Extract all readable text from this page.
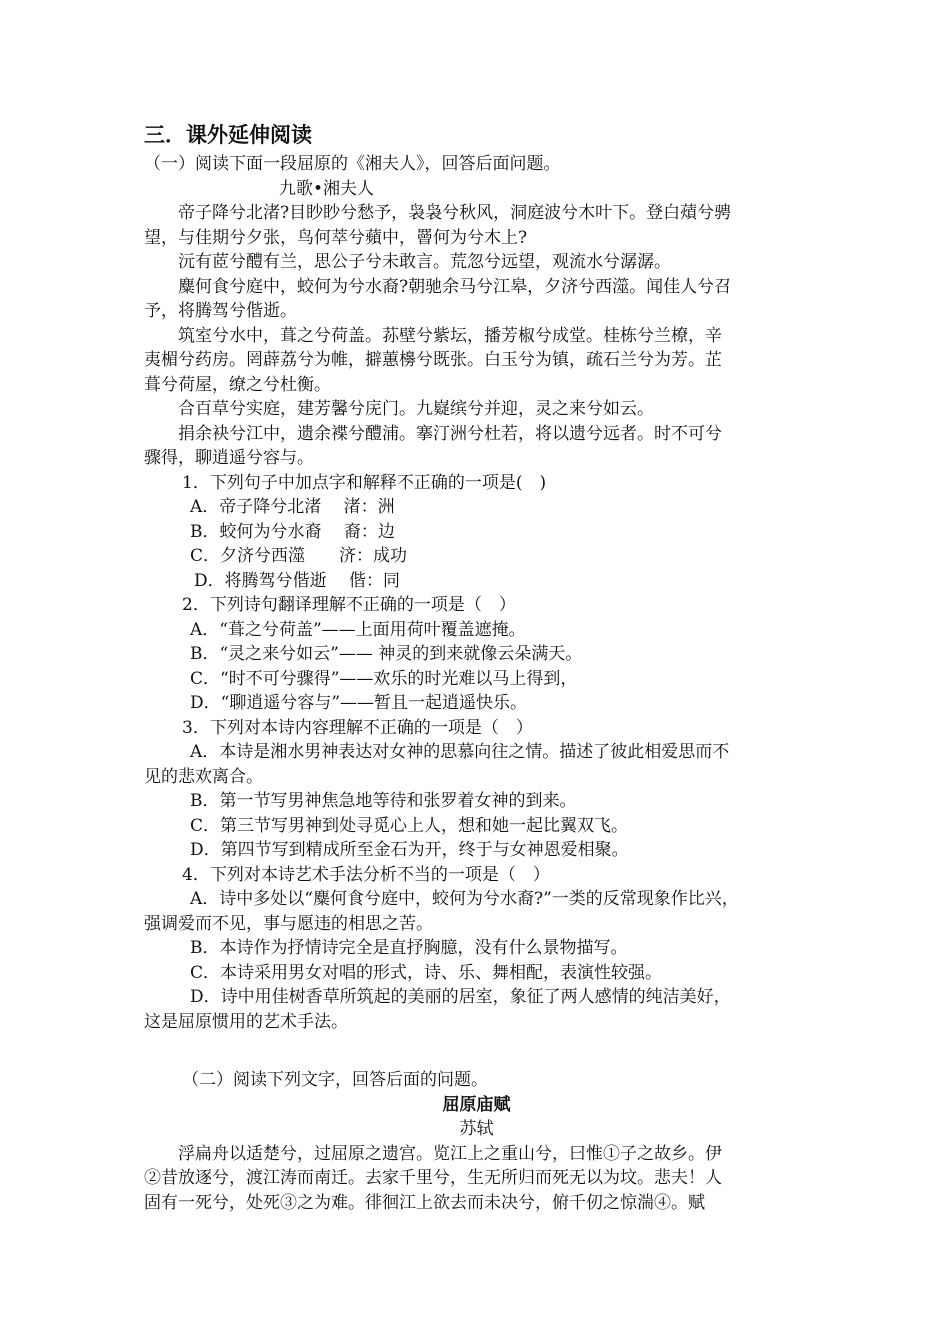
三．课外延伸阅读
（一）阅读下面一段屈原的《湘夫人》，回答后面问题。
九歌•湘夫人
帝子降兮北渚?目眇眇兮愁予，袅袅兮秋风，洞庭波兮木叶下。登白薠兮骋
望，与佳期兮夕张，鸟何萃兮蘋中，罾何为兮木上?
沅有茝兮醴有兰，思公子兮未敢言。荒忽兮远望，观流水兮潺潺。
麋何食兮庭中，蛟何为兮水裔?朝驰余马兮江皋，夕济兮西澨。闻佳人兮召
予，将腾驾兮偕逝。
筑室兮水中，葺之兮荷盖。荪壁兮紫坛，播芳椒兮成堂。桂栋兮兰橑，辛
夷楣兮药房。罔薜荔兮为帷，擗蕙櫋兮既张。白玉兮为镇，疏石兰兮为芳。芷
葺兮荷屋，缭之兮杜衡。
合百草兮实庭，建芳馨兮庑门。九嶷缤兮并迎，灵之来兮如云。
捐余袂兮江中，遗余褋兮醴浦。搴汀洲兮杜若，将以遗兮远者。时不可兮
骤得，聊逍遥兮容与。
1．下列句子中加点字和解释不正确的一项是(　)
A．帝子降兮北渚　 渚：洲
B．蛟何为兮水裔　 裔：边
C．夕济兮西澨　　济：成功
D．将腾驾兮偕逝　 偕：同
2．下列诗句翻译理解不正确的一项是（　）
A．“葺之兮荷盖”——上面用荷叶覆盖遮掩。
B．“灵之来兮如云”—— 神灵的到来就像云朵满天。
C．“时不可兮骤得”——欢乐的时光难以马上得到，
D．“聊逍遥兮容与”——暂且一起逍遥快乐。
3．下列对本诗内容理解不正确的一项是（　）
A．本诗是湘水男神表达对女神的思慕向往之情。描述了彼此相爱思而不
见的悲欢离合。
B．第一节写男神焦急地等待和张罗着女神的到来。
C．第三节写男神到处寻觅心上人，想和她一起比翼双飞。
D．第四节写到精成所至金石为开，终于与女神恩爱相聚。
4．下列对本诗艺术手法分析不当的一项是（　）
A．诗中多处以“麋何食兮庭中，蛟何为兮水裔?”一类的反常现象作比兴，
强调爱而不见，事与愿违的相思之苦。
B．本诗作为抒情诗完全是直抒胸臆，没有什么景物描写。
C．本诗采用男女对唱的形式，诗、乐、舞相配，表演性较强。
D．诗中用佳树香草所筑起的美丽的居室，象征了两人感情的纯洁美好，
这是屈原惯用的艺术手法。
（二）阅读下列文字，回答后面的问题。
屈原庙赋
苏轼
浮扁舟以适楚兮，过屈原之遗宫。览江上之重山兮，曰惟①子之故乡。伊
②昔放逐兮，渡江涛而南迁。去家千里兮，生无所归而死无以为坟。悲夫！人
固有一死兮，处死③之为难。徘徊江上欲去而未决兮，俯千仞之惊湍④。赋
